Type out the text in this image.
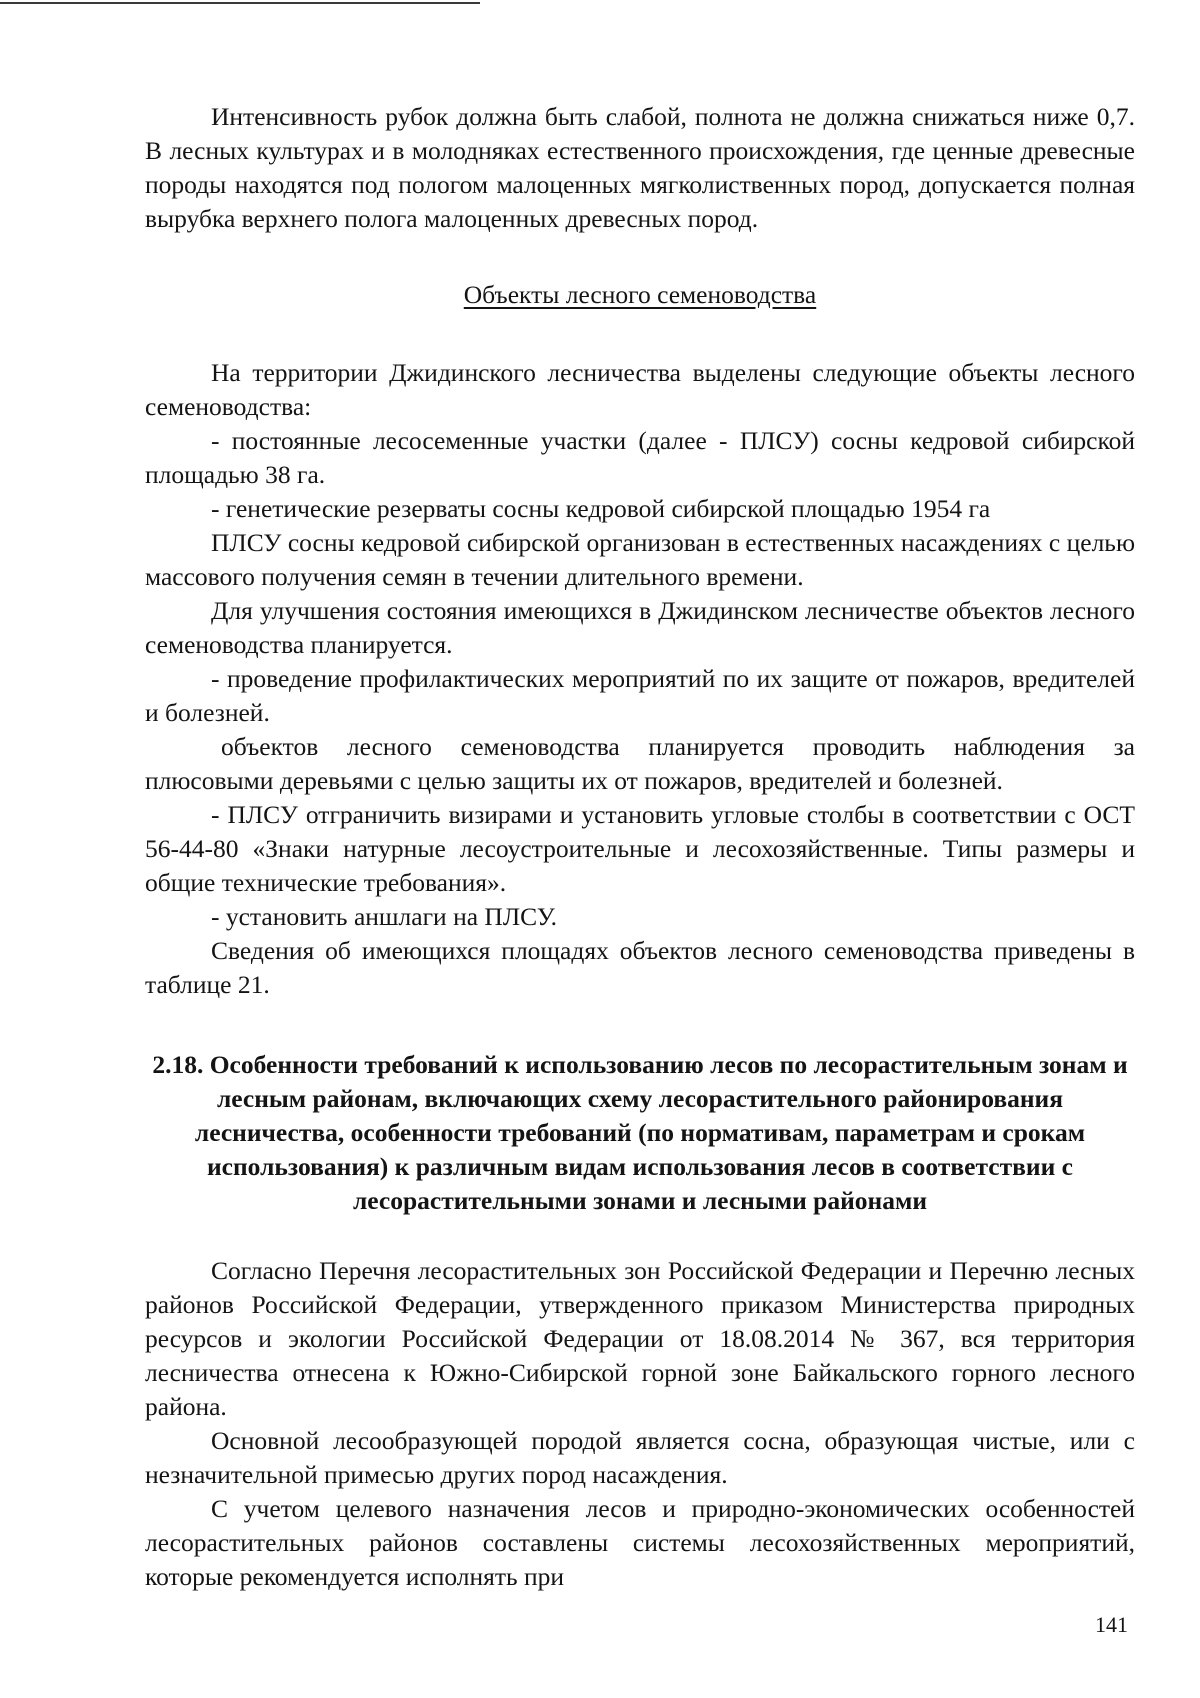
Интенсивность рубок должна быть слабой, полнота не должна снижаться ниже 0,7. В лесных культурах и в молодняках естественного происхождения, где ценные древесные породы находятся под пологом малоценных мягколиственных пород, допускается полная вырубка верхнего полога малоценных древесных пород.

Объекты лесного семеноводства

На территории Джидинского лесничества выделены следующие объекты лесного семеноводства:

- постоянные лесосеменные участки (далее - ПЛСУ) сосны кедровой сибирской площадью 38 га.

- генетические резерваты сосны кедровой сибирской площадью 1954 га

ПЛСУ сосны кедровой сибирской организован в естественных насаждениях с целью массового получения семян в течении длительного времени.

Для улучшения состояния имеющихся в Джидинском лесничестве объектов лесного семеноводства планируется.

- проведение профилактических мероприятий по их защите от пожаров, вредителей и болезней.

объектов лесного семеноводства планируется проводить наблюдения за плюсовыми деревьями с целью защиты их от пожаров, вредителей и болезней.

- ПЛСУ отграничить визирами и установить угловые столбы в соответствии с ОСТ 56-44-80 «Знаки натурные лесоустроительные и лесохозяйственные. Типы размеры и общие технические требования».

- установить аншлаги на ПЛСУ.

Сведения об имеющихся площадях объектов лесного семеноводства приведены в таблице 21.

2.18. Особенности требований к использованию лесов по лесорастительным зонам и лесным районам, включающих схему лесорастительного районирования лесничества, особенности требований (по нормативам, параметрам и срокам использования) к различным видам использования лесов в соответствии с лесорастительными зонами и лесными районами

Согласно Перечня лесорастительных зон Российской Федерации и Перечню лесных районов Российской Федерации, утвержденного приказом Министерства природных ресурсов и экологии Российской Федерации от 18.08.2014 № 367, вся территория лесничества отнесена к Южно-Сибирской горной зоне Байкальского горного лесного района.

Основной лесообразующей породой является сосна, образующая чистые, или с незначительной примесью других пород насаждения.

С учетом целевого назначения лесов и природно-экономических особенностей лесорастительных районов составлены системы лесохозяйственных мероприятий, которые рекомендуется исполнять при

141
